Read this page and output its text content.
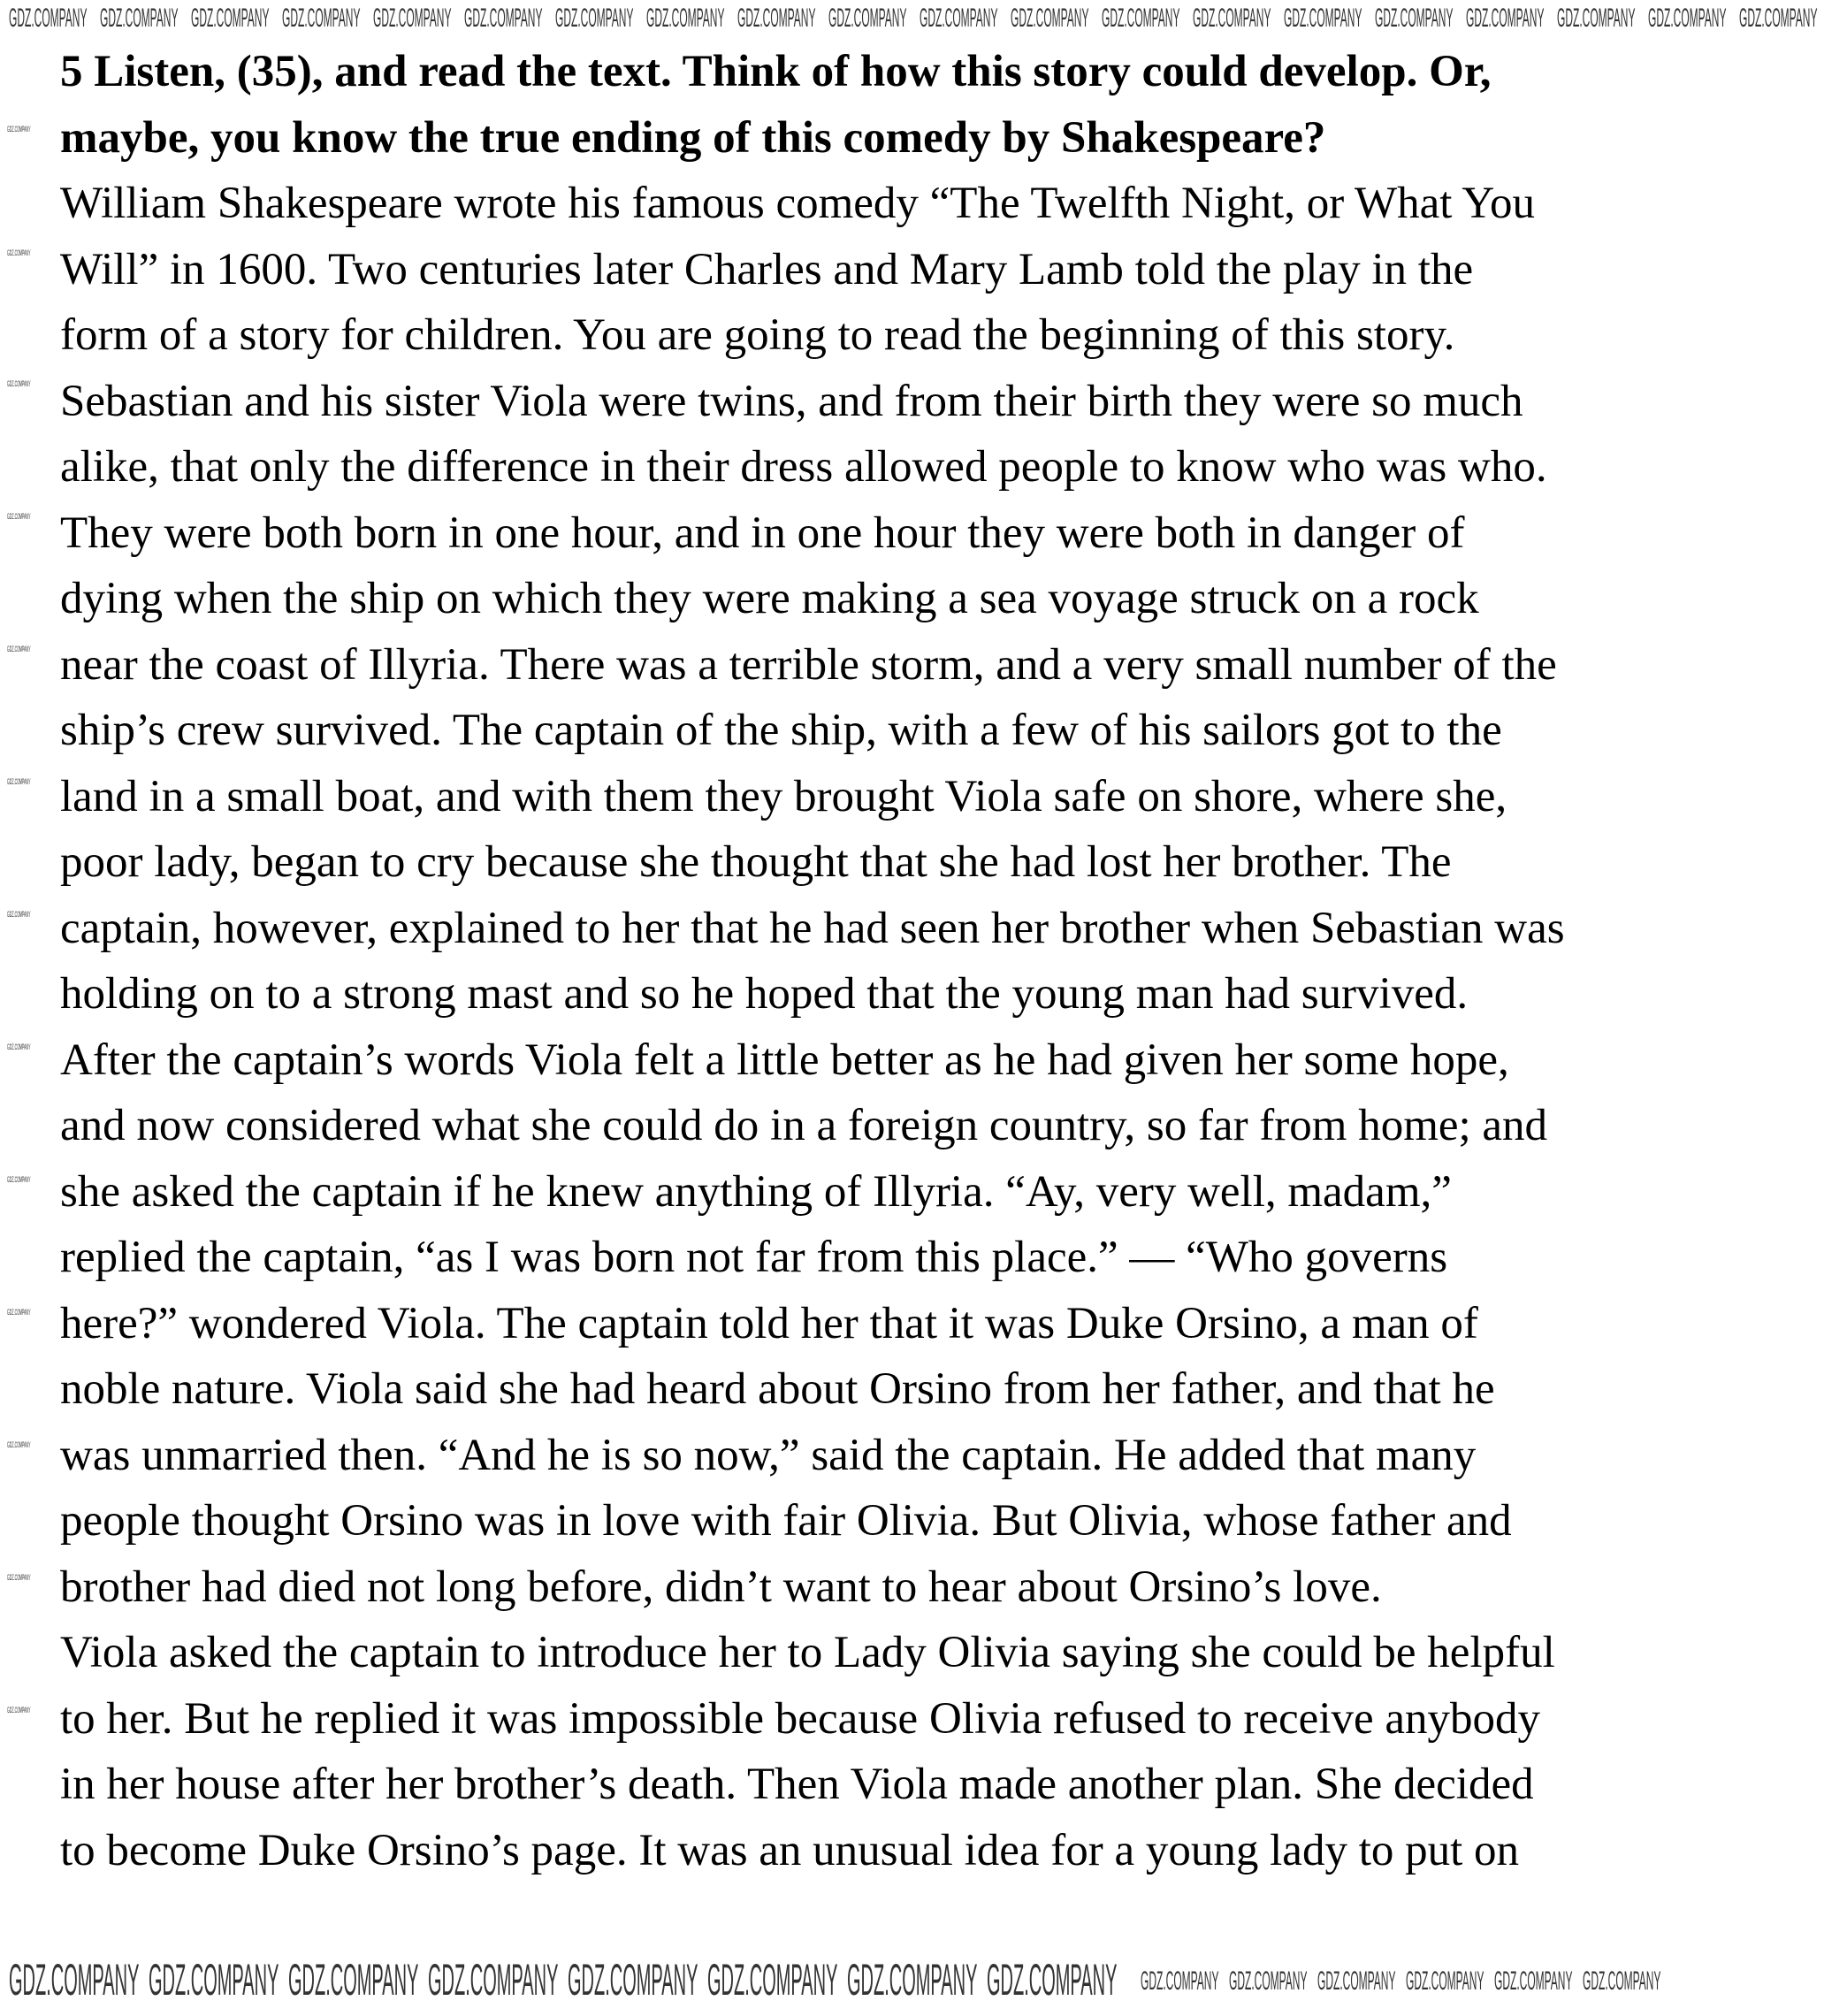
5 Listen, (35), and read the text. Think of how this story could develop. Or,
maybe, you know the true ending of this comedy by Shakespeare?
William Shakespeare wrote his famous comedy “The Twelfth Night, or What You
Will” in 1600. Two centuries later Charles and Mary Lamb told the play in the
form of a story for children. You are going to read the beginning of this story.
Sebastian and his sister Viola were twins, and from their birth they were so much
alike, that only the difference in their dress allowed people to know who was who.
They were both born in one hour, and in one hour they were both in danger of
dying when the ship on which they were making a sea voyage struck on a rock
near the coast of Illyria. There was a terrible storm, and a very small number of the
ship’s crew survived. The captain of the ship, with a few of his sailors got to the
land in a small boat, and with them they brought Viola safe on shore, where she,
poor lady, began to cry because she thought that she had lost her brother. The
captain, however, explained to her that he had seen her brother when Sebastian was
holding on to a strong mast and so he hoped that the young man had survived.
After the captain’s words Viola felt a little better as he had given her some hope,
and now considered what she could do in a foreign country, so far from home; and
she asked the captain if he knew anything of Illyria. “Ay, very well, madam,”
replied the captain, “as I was born not far from this place.” — “Who governs
here?” wondered Viola. The captain told her that it was Duke Orsino, a man of
noble nature. Viola said she had heard about Orsino from her father, and that he
was unmarried then. “And he is so now,” said the captain. He added that many
people thought Orsino was in love with fair Olivia. But Olivia, whose father and
brother had died not long before, didn’t want to hear about Orsino’s love.
Viola asked the captain to introduce her to Lady Olivia saying she could be helpful
to her. But he replied it was impossible because Olivia refused to receive anybody
in her house after her brother’s death. Then Viola made another plan. She decided
to become Duke Orsino’s page. It was an unusual idea for a young lady to put on
GDZ.COMPANY GDZ.COMPANY GDZ.COMPANY GDZ.COMPANY GDZ.COMPANY GDZ.COMPANY GDZ.COMPANY GDZ.COMPANY GDZ.COMPANY GDZ.COMPANY GDZ.COMPANY GDZ.COMPANY GDZ.COMPANY GDZ.COMPANY GDZ.COMPANY GDZ.COMPANY GDZ.COMPANY GDZ.COMPANY GDZ.COMPANY GDZ.COMPANY
GDZ.COMPANY GDZ.COMPANY GDZ.COMPANY GDZ.COMPANY GDZ.COMPANY GDZ.COMPANY GDZ.COMPANY GDZ.COMPANY GDZ.COMPANY GDZ.COMPANY GDZ.COMPANY GDZ.COMPANY GDZ.COMPANY GDZ.COMPANY
GDZ.COMPANY
GDZ.COMPANY
GDZ.COMPANY
GDZ.COMPANY
GDZ.COMPANY
GDZ.COMPANY
GDZ.COMPANY
GDZ.COMPANY
GDZ.COMPANY
GDZ.COMPANY
GDZ.COMPANY
GDZ.COMPANY
GDZ.COMPANY
